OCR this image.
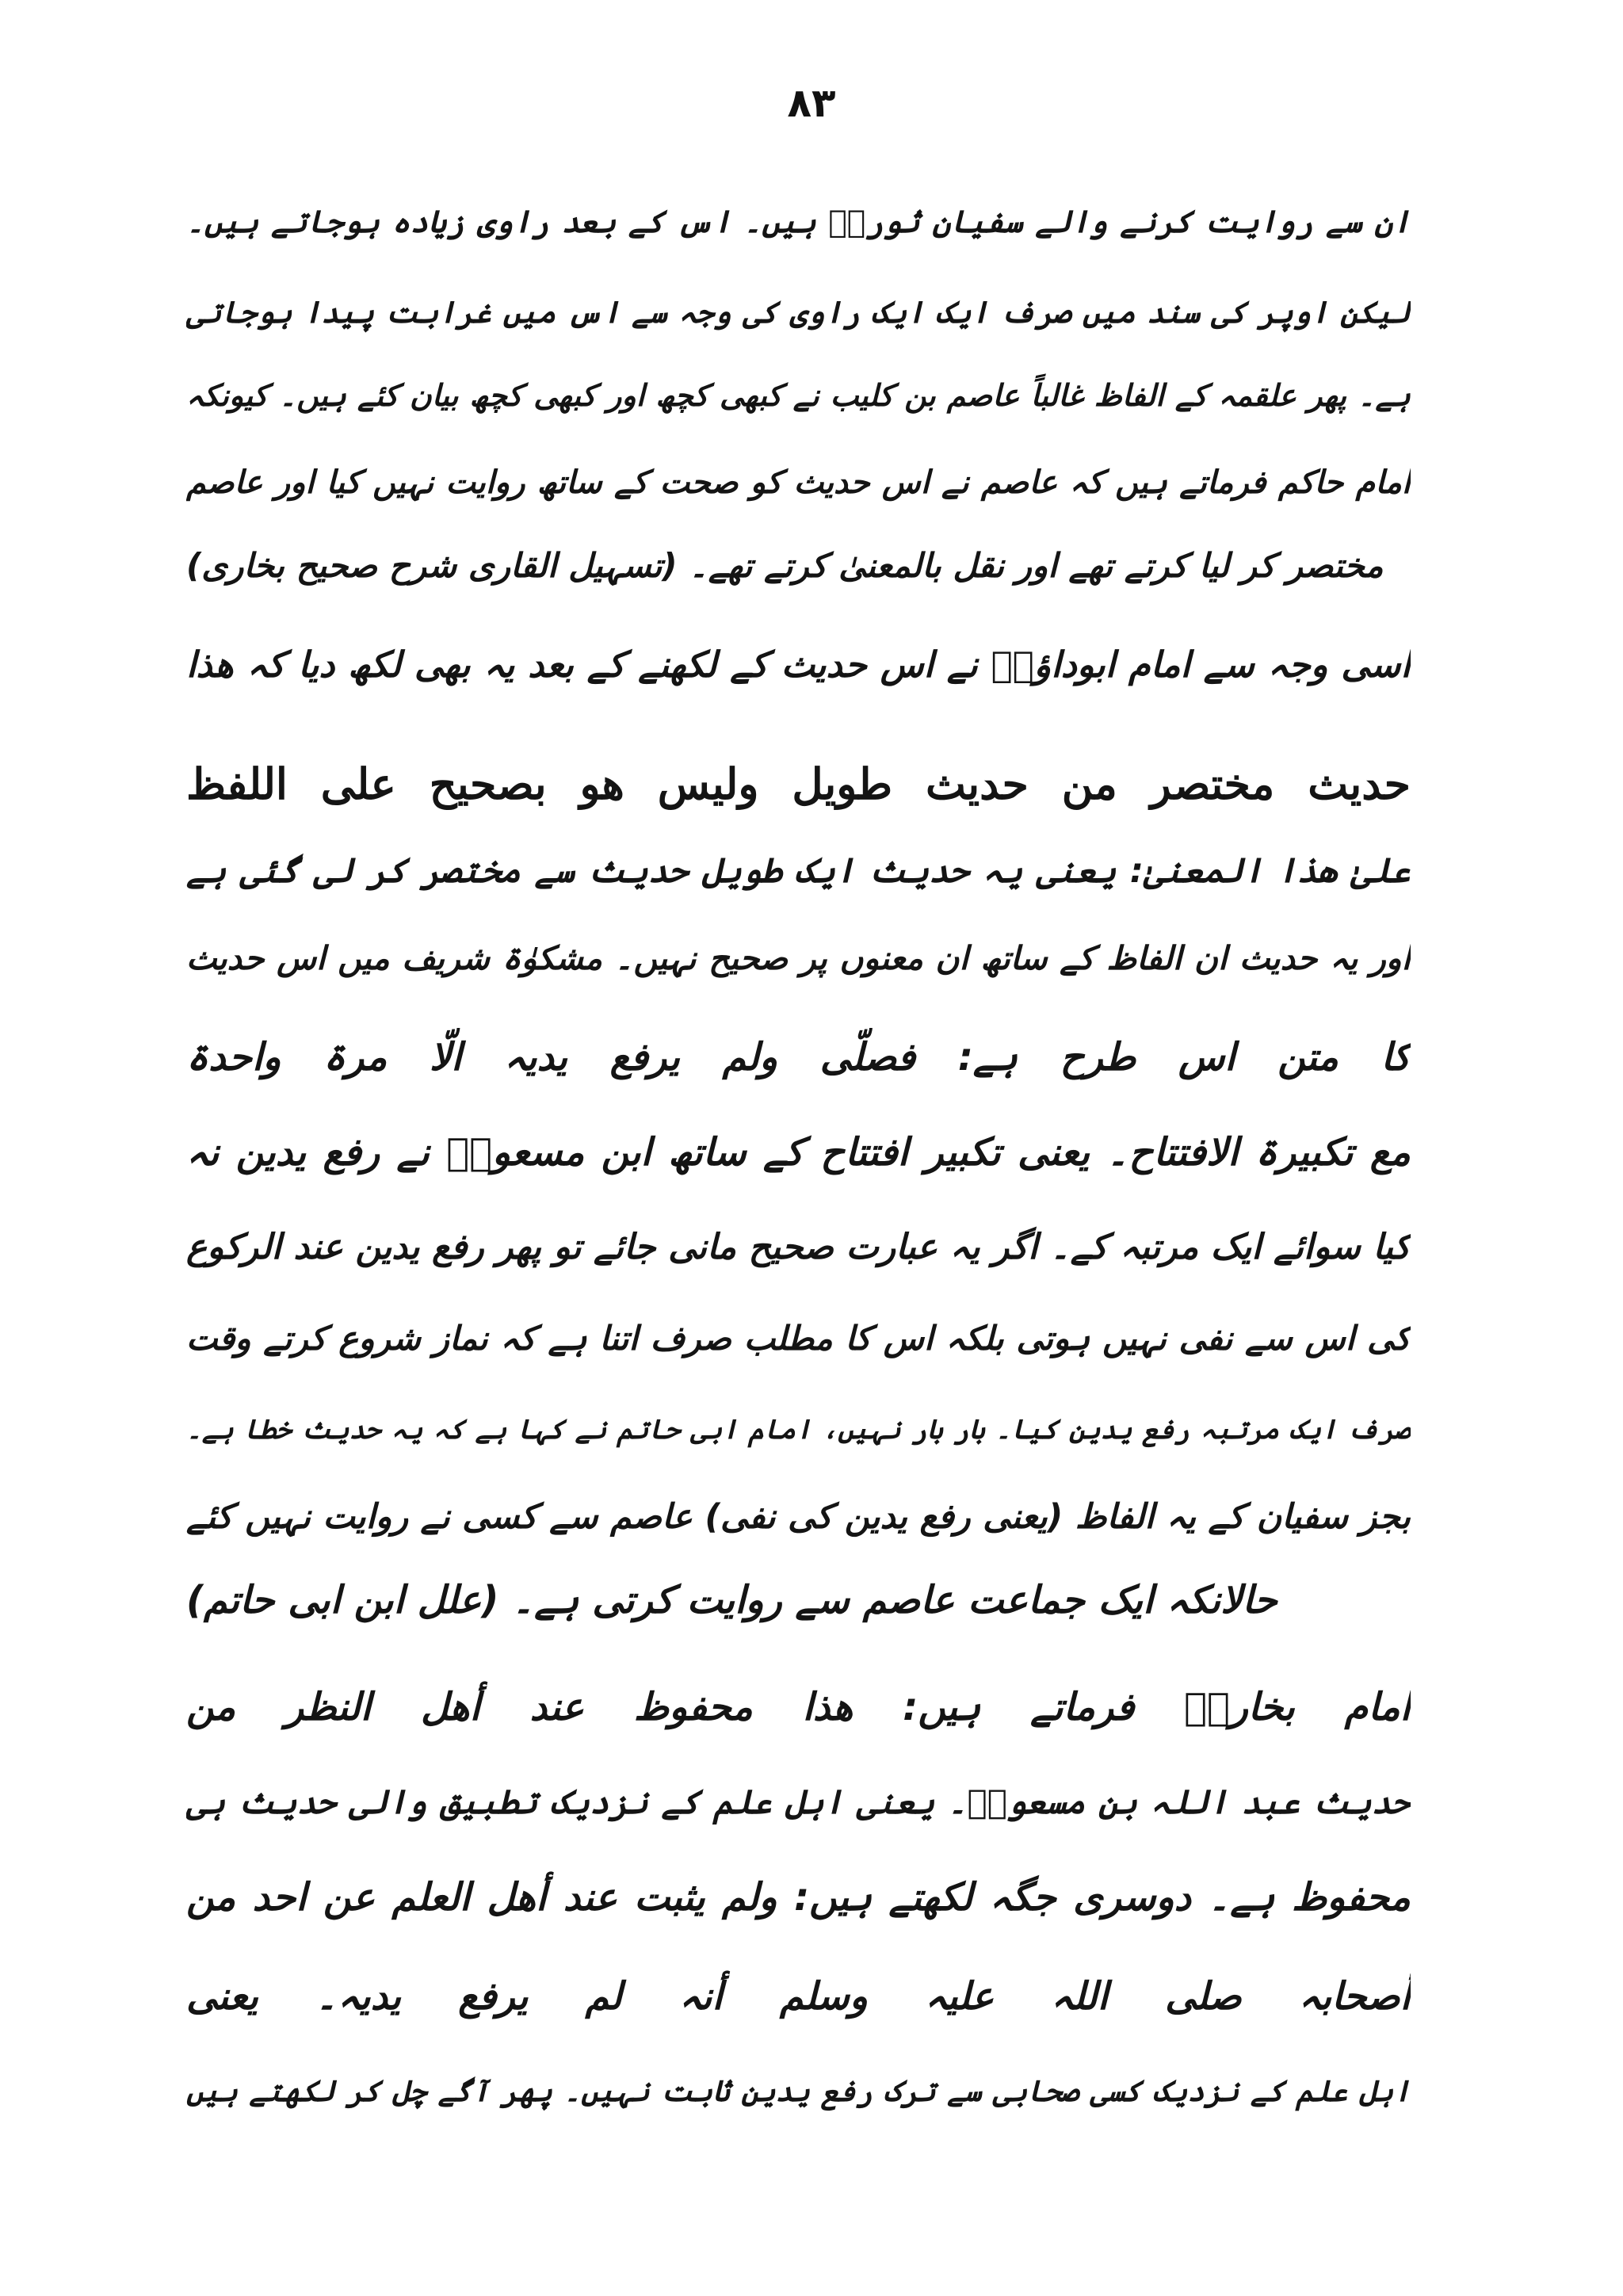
۸۳
ان سے روایت کرنے والے سفیان ثوریؒ ہیں۔ اس کے بعد راوی زیادہ ہوجاتے ہیں۔
لیکن اوپر کی سند میں صرف ایک ایک راوی کی وجہ سے اس میں غرابت پیدا ہوجاتی
ہے۔ پھر علقمہ کے الفاظ غالباً عاصم بن کلیب نے کبھی کچھ اور کبھی کچھ بیان کئے ہیں۔ کیونکہ
امام حاکم فرماتے ہیں کہ عاصم نے اس حدیث کو صحت کے ساتھ روایت نہیں کیا اور عاصم
مختصر کر لیا کرتے تھے اور نقل بالمعنیٰ کرتے تھے۔ (تسہیل القاری شرح صحیح بخاری)
اسی وجہ سے امام ابوداؤدؒ نے اس حدیث کے لکھنے کے بعد یہ بھی لکھ دیا کہ ھذا
حدیث مختصر من حدیث طویل ولیس ھو بصحیح علی اللفظ
علیٰ ھذا المعنیٰ: یعنی یہ حدیث ایک طویل حدیث سے مختصر کر لی گئی ہے
اور یہ حدیث ان الفاظ کے ساتھ ان معنوں پر صحیح نہیں۔ مشکوٰۃ شریف میں اس حدیث
کا متن اس طرح ہے: فصلّی ولم یرفع یدیہ الّا مرۃ واحدۃ
مع تکبیرۃ الافتتاح۔ یعنی تکبیر افتتاح کے ساتھ ابن مسعودؓ نے رفع یدین نہ
کیا سوائے ایک مرتبہ کے۔ اگر یہ عبارت صحیح مانی جائے تو پھر رفع یدین عند الرکوع
کی اس سے نفی نہیں ہوتی بلکہ اس کا مطلب صرف اتنا ہے کہ نماز شروع کرتے وقت
صرف ایک مرتبہ رفع یدین کیا۔ بار بار نہیں، امام ابی حاتم نے کہا ہے کہ یہ حدیث خطا ہے۔
بجز سفیان کے یہ الفاظ (یعنی رفع یدین کی نفی) عاصم سے کسی نے روایت نہیں کئے
حالانکہ ایک جماعت عاصم سے روایت کرتی ہے۔ (علل ابن ابی حاتم)
امام بخاریؒ فرماتے ہیں: ھذا محفوظ عند أھل النظر من
حدیث عبد اللہ بن مسعودؓ۔ یعنی اہل علم کے نزدیک تطبیق والی حدیث ہی
محفوظ ہے۔ دوسری جگہ لکھتے ہیں: ولم یثبت عند أھل العلم عن احد من
أصحابہ صلی اللہ علیہ وسلم أنہ لم یرفع یدیہ۔ یعنی
اہل علم کے نزدیک کسی صحابی سے ترک رفع یدین ثابت نہیں۔ پھر آگے چل کر لکھتے ہیں
